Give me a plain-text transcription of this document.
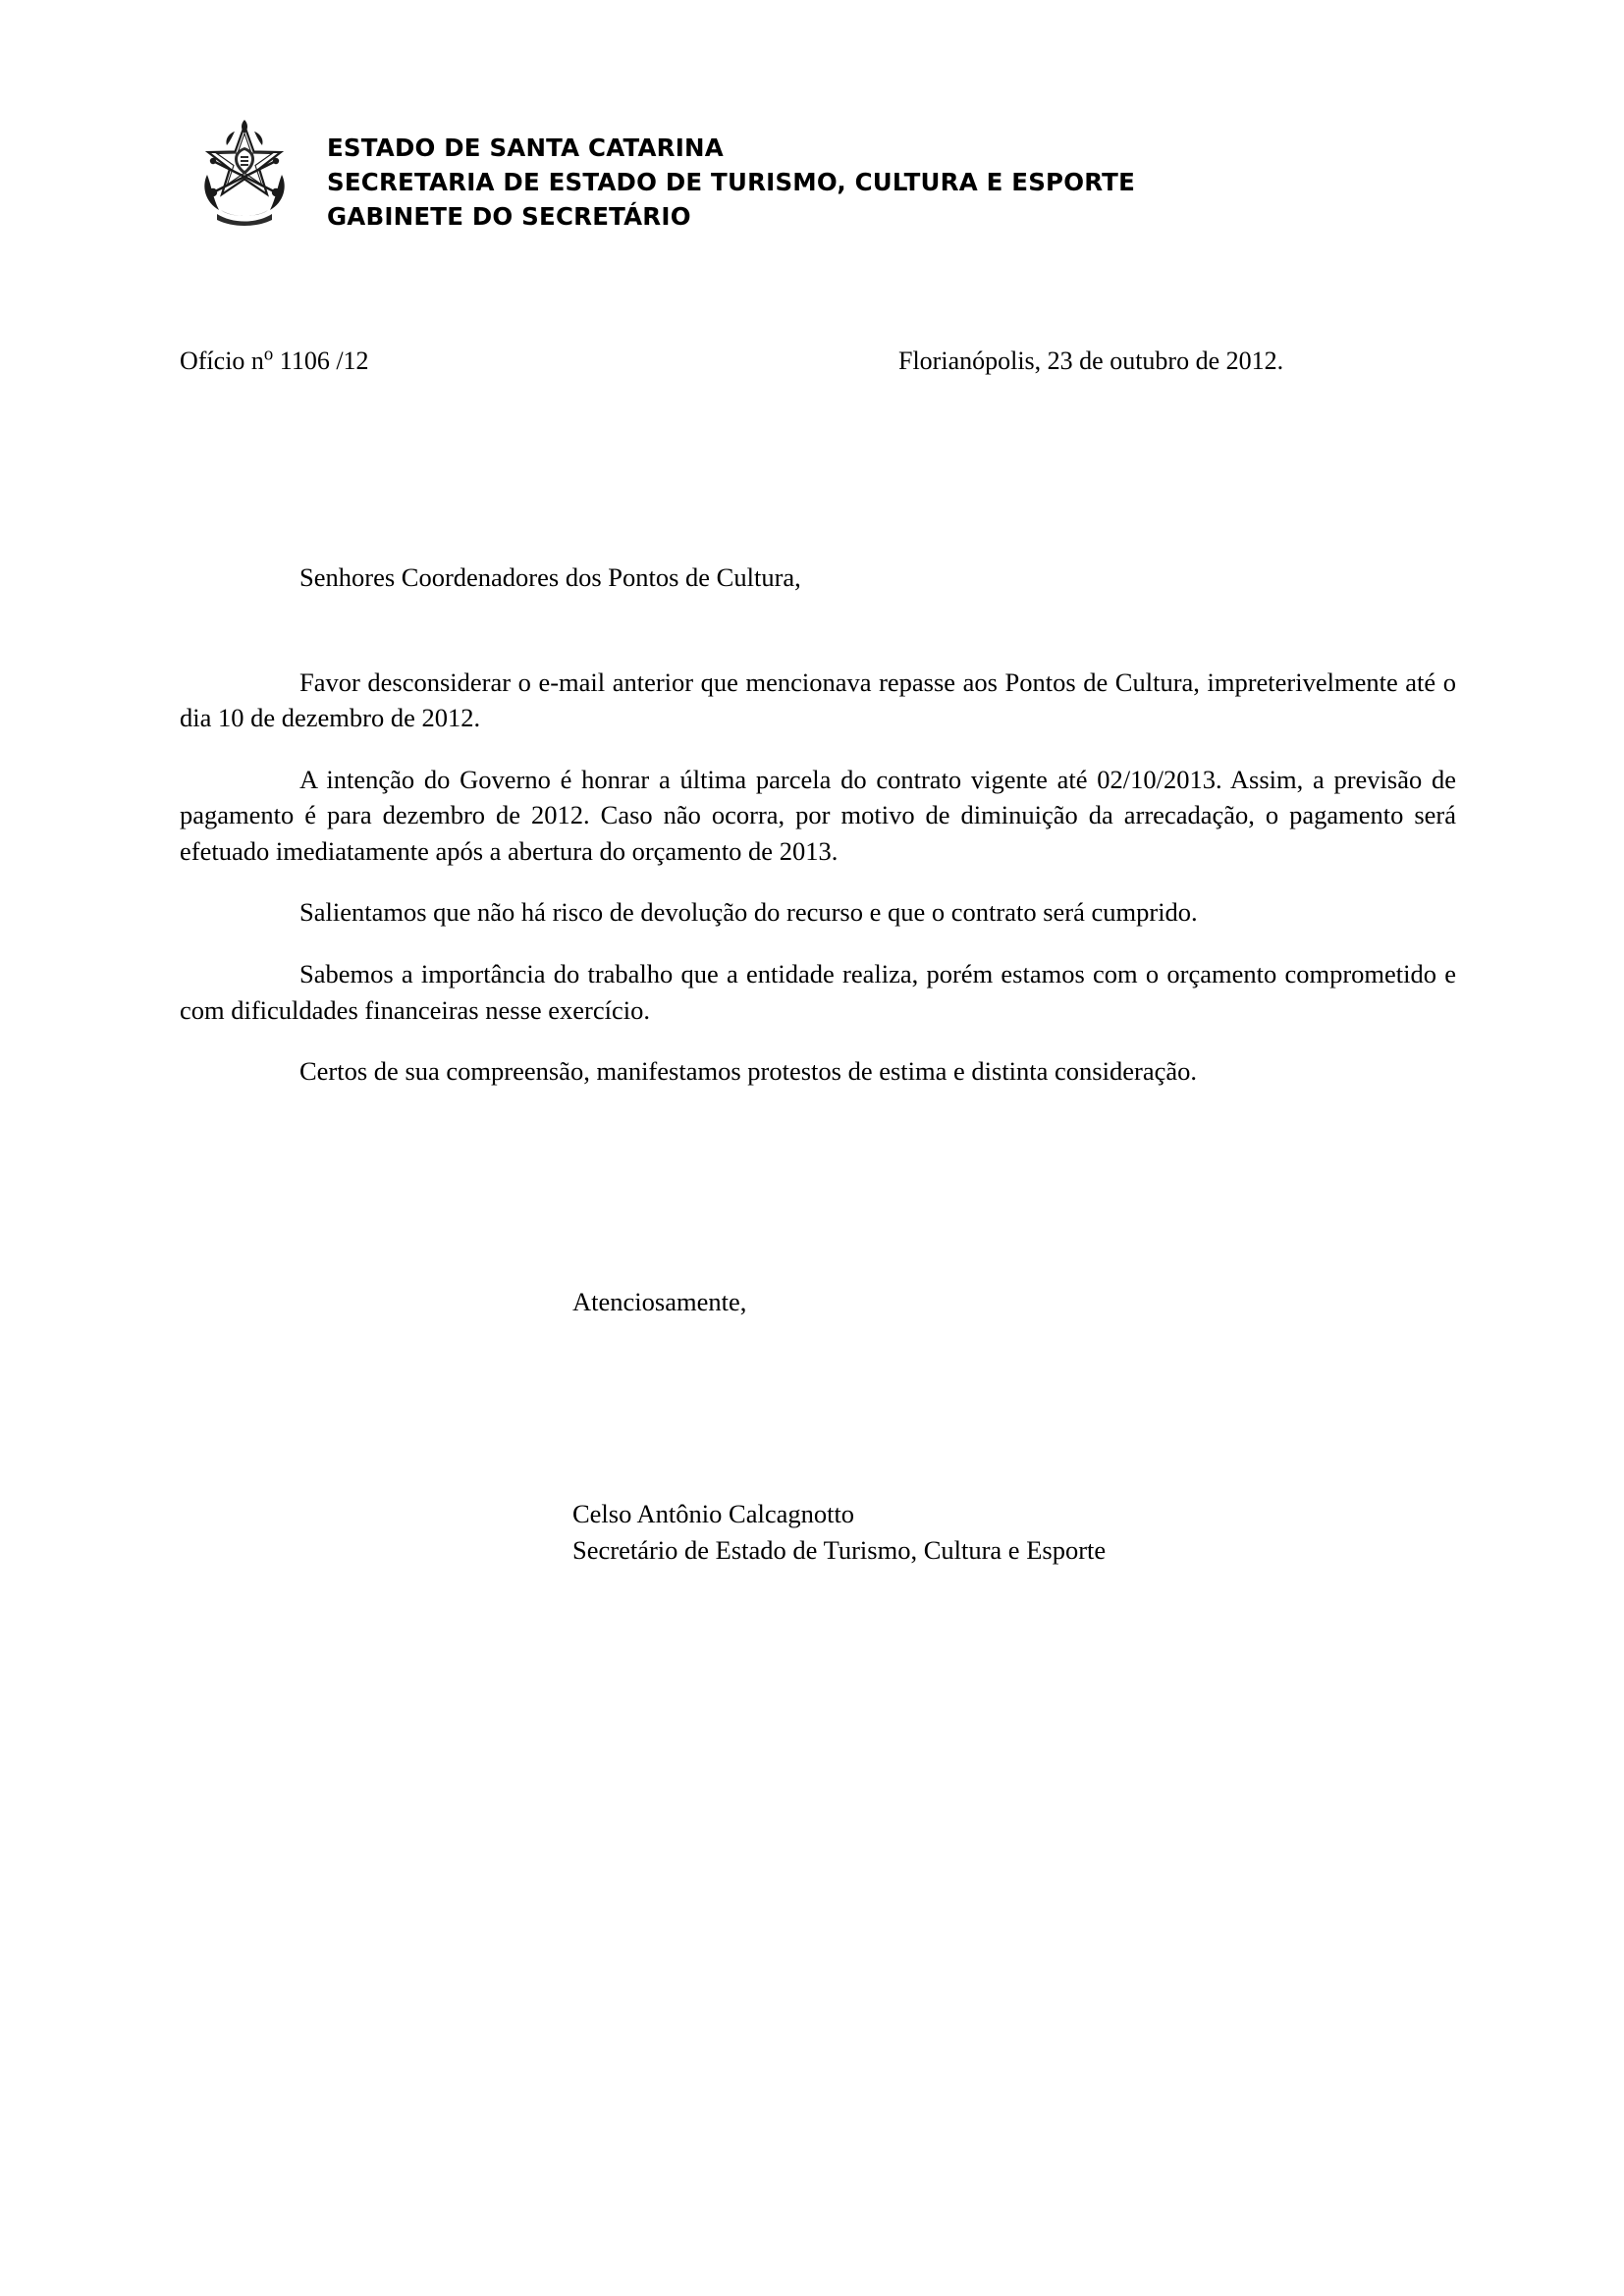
ESTADO DE SANTA CATARINA
SECRETARIA DE ESTADO DE TURISMO, CULTURA E ESPORTE
GABINETE DO SECRETÁRIO
Ofício $n^o$ 1106 /12	Florianópolis, 23 de outubro de 2012.

Senhores Coordenadores dos Pontos de Cultura,

Favor desconsiderar o e-mail anterior que mencionava repasse aos Pontos de Cultura, impreterivelmente até o dia 10 de dezembro de 2012.

A intenção do Governo é honrar a última parcela do contrato vigente até 02/10/2013. Assim, a previsão de pagamento é para dezembro de 2012. Caso não ocorra, por motivo de diminuição da arrecadação, o pagamento será efetuado imediatamente após a abertura do orçamento de 2013.

Salientamos que não há risco de devolução do recurso e que o contrato será cumprido.

Sabemos a importância do trabalho que a entidade realiza, porém estamos com o orçamento comprometido e com dificuldades financeiras nesse exercício.

Certos de sua compreensão, manifestamos protestos de estima e distinta consideração.

Atenciosamente,
Celso Antônio Calcagnotto
Secretário de Estado de Turismo, Cultura e Esporte
